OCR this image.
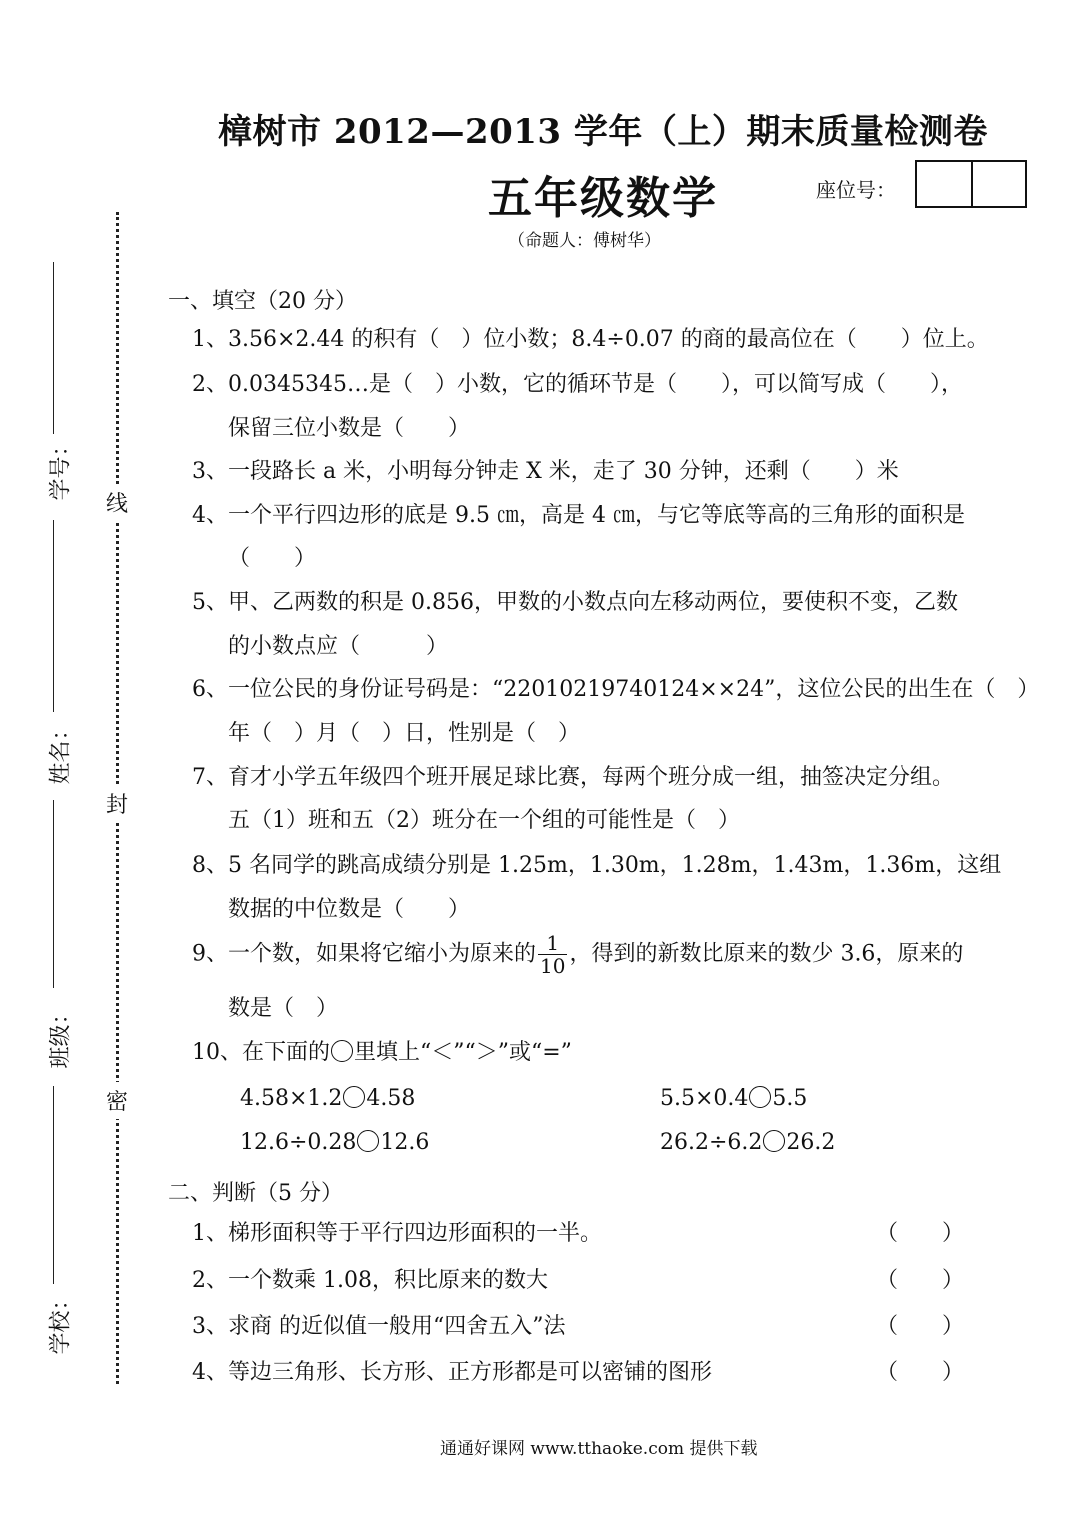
樟树市 2012—2013 学年（上）期末质量检测卷
五年级数学	座位号：
（命题人：傅树华）
线
封
密
学号：
姓名：
班级：
学校：
一、填空（20 分）
1、3.56×2.44 的积有（　）位小数；8.4÷0.07 的商的最高位在（　　）位上。
2、0.0345345…是（　）小数，它的循环节是（　　），可以简写成（　　），
保留三位小数是（　　）
3、一段路长 a 米，小明每分钟走 X 米，走了 30 分钟，还剩（　　）米
4、一个平行四边形的底是 9.5 ㎝，高是 4 ㎝，与它等底等高的三角形的面积是
（　　）
5、甲、乙两数的积是 0.856，甲数的小数点向左移动两位，要使积不变，乙数
的小数点应（　　　）
6、一位公民的身份证号码是：“22010219740124××24”，这位公民的出生在（　）
年（　）月（　）日，性别是（　）
7、育才小学五年级四个班开展足球比赛，每两个班分成一组，抽签决定分组。
五（1）班和五（2）班分在一个组的可能性是（　）
8、5 名同学的跳高成绩分别是 1.25m，1.30m，1.28m，1.43m，1.36m，这组
数据的中位数是（　　）
9、一个数，如果将它缩小为原来的 $\frac{1}{10}$ ，得到的新数比原来的数少 3.6，原来的
数是（　）
10、在下面的 里填上“＜”“＞”或“=”
4.58×1.2 4.58	5.5×0.4 5.5
12.6÷0.28 12.6	26.2÷6.2 26.2
二、判断（5 分）
1、梯形面积等于平行四边形面积的一半。	（　　）
2、一个数乘 1.08，积比原来的数大	（　　）
3、求商 的近似值一般用“四舍五入”法	（　　）
4、等边三角形、长方形、正方形都是可以密铺的图形	（　　）
通通好课网 www.tthaoke.com 提供下载
